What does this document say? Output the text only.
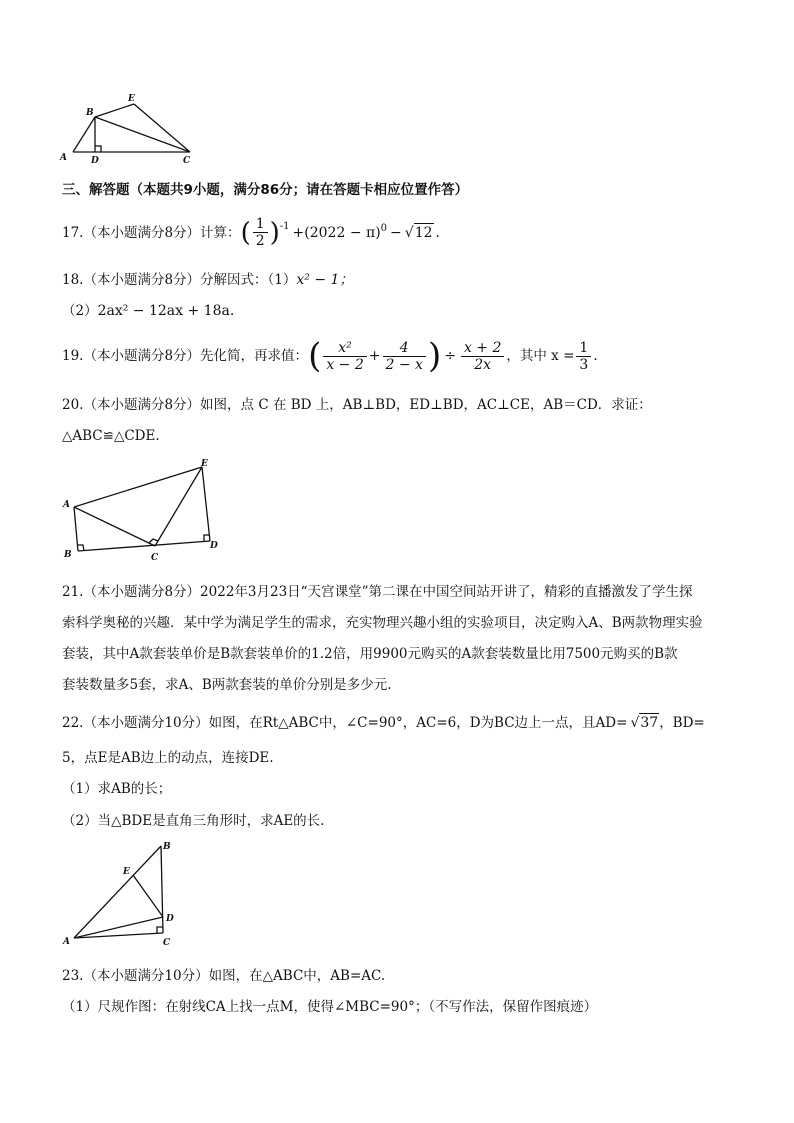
A
B
E
D	C
三、解答题（本题共9小题，满分86分；请在答题卡相应位置作答）
17.（本小题满分8分）计算： ( $\frac{1}{2} )^{-1} +(2022 - \pi)^0$ − √ 12 .
18.（本小题满分8分）分解因式：（1）x² − 1；
（2）2ax² − 12ax + 18a.
19.（本小题满分8分）先化简，再求值： ( $\frac{\text{x²}}{x - 2} + \frac{4}{2 - x}$ ) ÷ $\frac{x + 2}{2x}$ ，其中 $x = \frac{1}{3}$ .
20.（本小题满分8分）如图，点 C 在 BD 上，AB⊥BD，ED⊥BD，AC⊥CE，AB＝CD．求证：
△ABC≌△CDE.
A
B	C
D
E
21.（本小题满分8分）2022年3月23日“天宫课堂”第二课在中国空间站开讲了，精彩的直播激发了学生探
索科学奥秘的兴趣．某中学为满足学生的需求，充实物理兴趣小组的实验项目，决定购入A、B两款物理实验
套装，其中A款套装单价是B款套装单价的1.2倍，用9900元购买的A款套装数量比用7500元购买的B款
套装数量多5套，求A、B两款套装的单价分别是多少元.
22.（本小题满分10分）如图，在Rt△ABC中，∠C=90°，AC=6，D为BC边上一点，且AD= √ 37 ，BD=
5，点E是AB边上的动点，连接DE.
（1）求AB的长；
（2）当△BDE是直角三角形时，求AE的长.
A
B
C
D
E
23.（本小题满分10分）如图，在△ABC中，AB=AC.
（1）尺规作图：在射线CA上找一点M，使得∠MBC=90°；（不写作法，保留作图痕迹）
